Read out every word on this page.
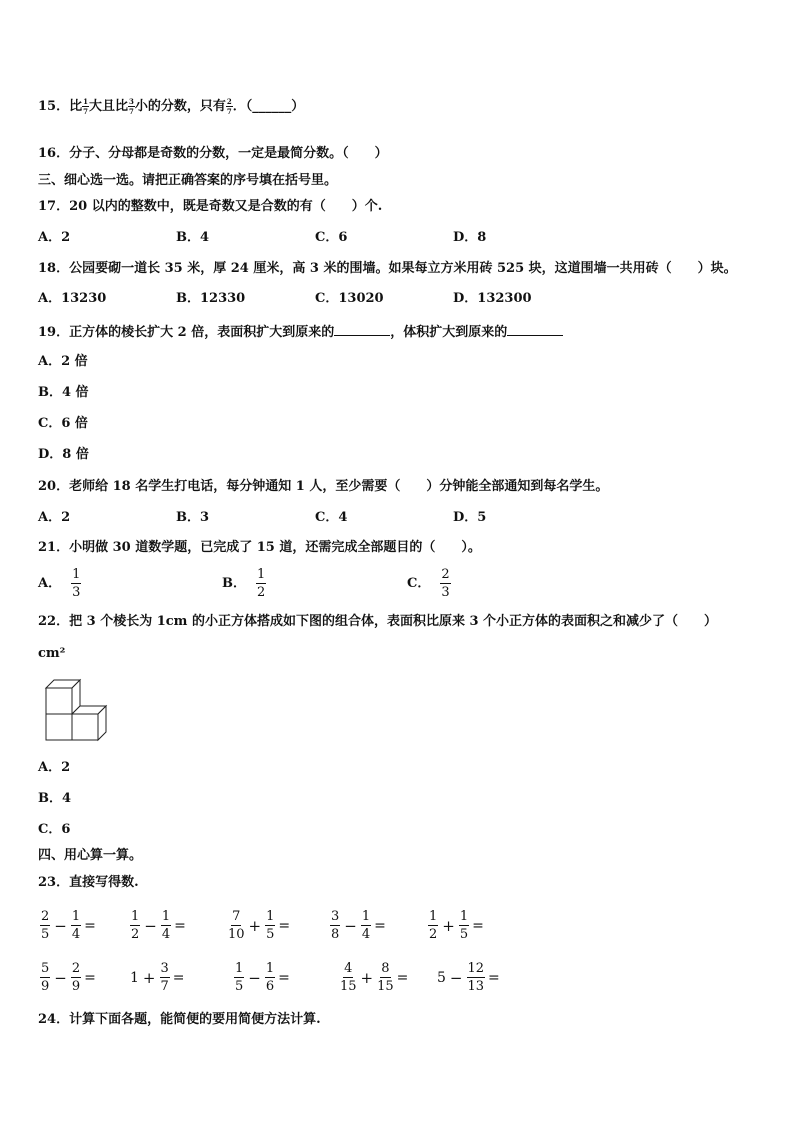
15．比 $\frac{1}{7}$ 大且比 $\frac{3}{7}$ 小的分数，只有 $\frac{2}{7}$ ．（______）
16．分子、分母都是奇数的分数，一定是最简分数。（　　）
三、细心选一选。请把正确答案的序号填在括号里。
17．20 以内的整数中，既是奇数又是合数的有（　　）个.
A．2	B．4	C．6	D．8
18．公园要砌一道长 35 米，厚 24 厘米，高 3 米的围墙。如果每立方米用砖 525 块，这道围墙一共用砖（　　）块。
A．13230	B．12330	C．13020	D．132300
19．正方体的棱长扩大 2 倍，表面积扩大到原来的	，体积扩大到原来的
A．2 倍
B．4 倍
C．6 倍
D．8 倍
20．老师给 18 名学生打电话，每分钟通知 1 人，至少需要（　　）分钟能全部通知到每名学生。
A．2	B．3	C．4	D．5
21．小明做 30 道数学题，已完成了 15 道，还需完成全部题目的（　　）。
A． $\frac{1}{3}$	B． $\frac{1}{2}$	C． $\frac{2}{3}$
22．把 3 个棱长为 1cm 的小正方体搭成如下图的组合体，表面积比原来 3 个小正方体的表面积之和减少了（　　）
cm²
A．2
B．4
C．6
四、用心算一算。
23．直接写得数.
$\frac{2}{5} - \frac{1}{4}$ =	$\frac{1}{2} - \frac{1}{4}$ =	$\frac{7}{10} + \frac{1}{5}$ =	$\frac{3}{8} - \frac{1}{4}$ =	$\frac{1}{2} + \frac{1}{5}$ =
$\frac{5}{9} - \frac{2}{9} = 1 + \frac{3}{7}$ =	$\frac{1}{5} - \frac{1}{6}$ =	$\frac{4}{15} + \frac{8}{15} = 5 - \frac{12}{13}$ =
24．计算下面各题，能简便的要用简便方法计算.
